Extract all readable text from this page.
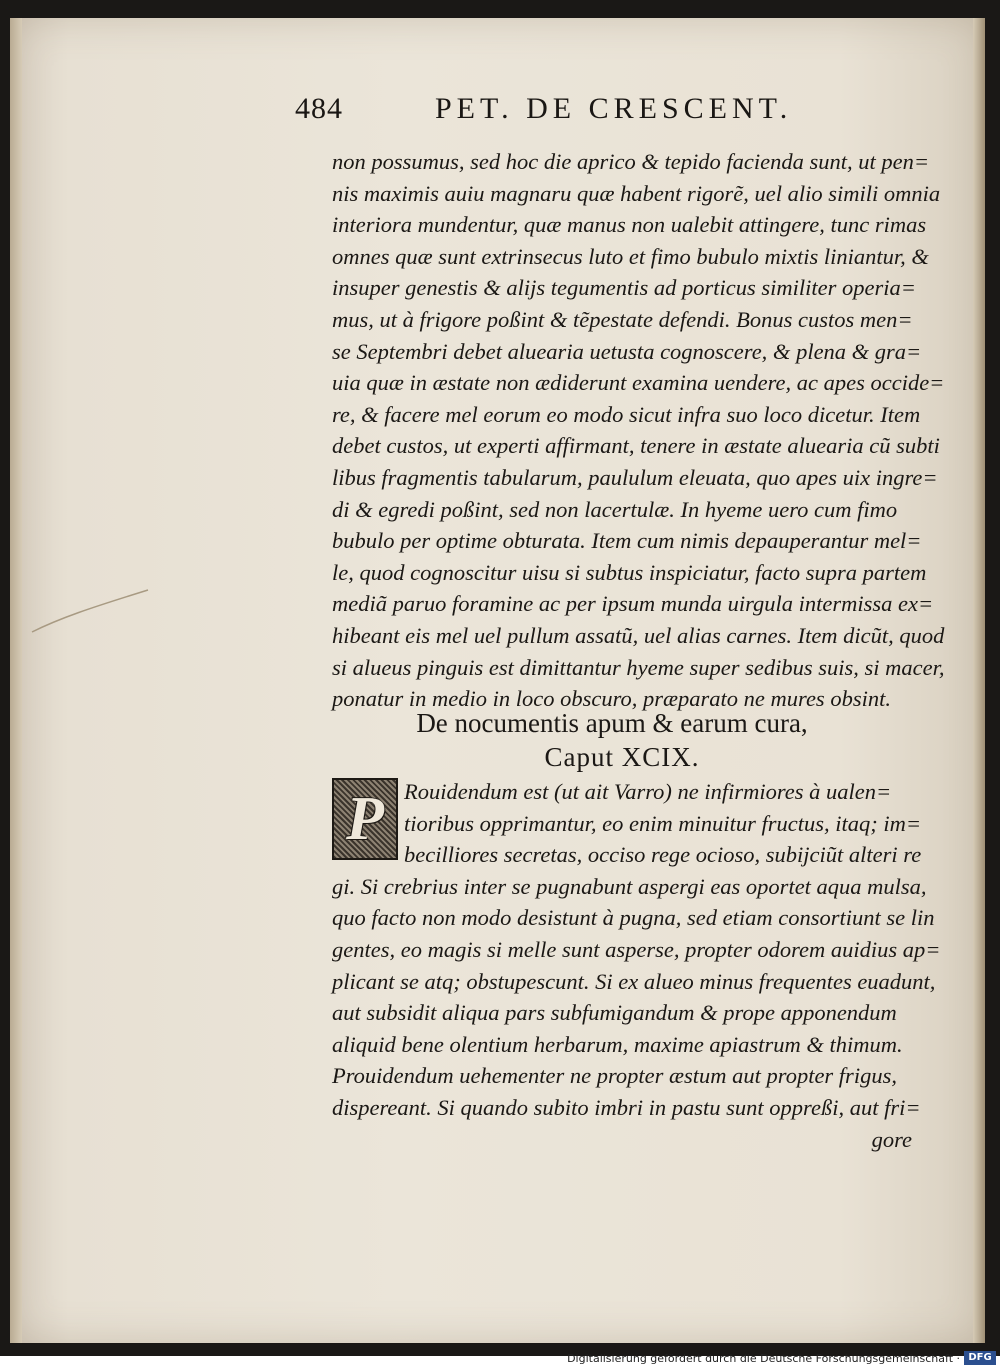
484	PET. DE CRESCENT.
non possumus, sed hoc die aprico & tepido facienda sunt, ut pen=
nis maximis auiu magnaru quæ habent rigorẽ, uel alio simili omnia
interiora mundentur, quæ manus non ualebit attingere, tunc rimas
omnes quæ sunt extrinsecus luto et fimo bubulo mixtis liniantur, &
insuper genestis & alijs tegumentis ad porticus similiter operia=
mus, ut à frigore poßint & tẽpestate defendi. Bonus custos men=
se Septembri debet aluearia uetusta cognoscere, & plena & gra=
uia quæ in æstate non ædiderunt examina uendere, ac apes occide=
re, & facere mel eorum eo modo sicut infra suo loco dicetur. Item
debet custos, ut experti affirmant, tenere in æstate aluearia cũ subti
libus fragmentis tabularum, paululum eleuata, quo apes uix ingre=
di & egredi poßint, sed non lacertulæ. In hyeme uero cum fimo
bubulo per optime obturata. Item cum nimis depauperantur mel=
le, quod cognoscitur uisu si subtus inspiciatur, facto supra partem
mediã paruo foramine ac per ipsum munda uirgula intermissa ex=
hibeant eis mel uel pullum assatũ, uel alias carnes. Item dicũt, quod
si alueus pinguis est dimittantur hyeme super sedibus suis, si macer,
ponatur in medio in loco obscuro, præparato ne mures obsint.
De nocumentis apum & earum cura,
Caput XCIX.
P Rouidendum est (ut ait Varro) ne infirmiores à ualen=
tioribus opprimantur, eo enim minuitur fructus, itaq; im=
becilliores secretas, occiso rege ocioso, subijciũt alteri re
gi. Si crebrius inter se pugnabunt aspergi eas oportet aqua mulsa,
quo facto non modo desistunt à pugna, sed etiam consortiunt se lin
gentes, eo magis si melle sunt asperse, propter odorem auidius ap=
plicant se atq; obstupescunt. Si ex alueo minus frequentes euadunt,
aut subsidit aliqua pars subfumigandum & prope apponendum
aliquid bene olentium herbarum, maxime apiastrum & thimum.
Prouidendum uehementer ne propter æstum aut propter frigus,
dispereant. Si quando subito imbri in pastu sunt oppreßi, aut fri=
gore
Digitalisierung gefördert durch die Deutsche Forschungsgemeinschaft · DFG
